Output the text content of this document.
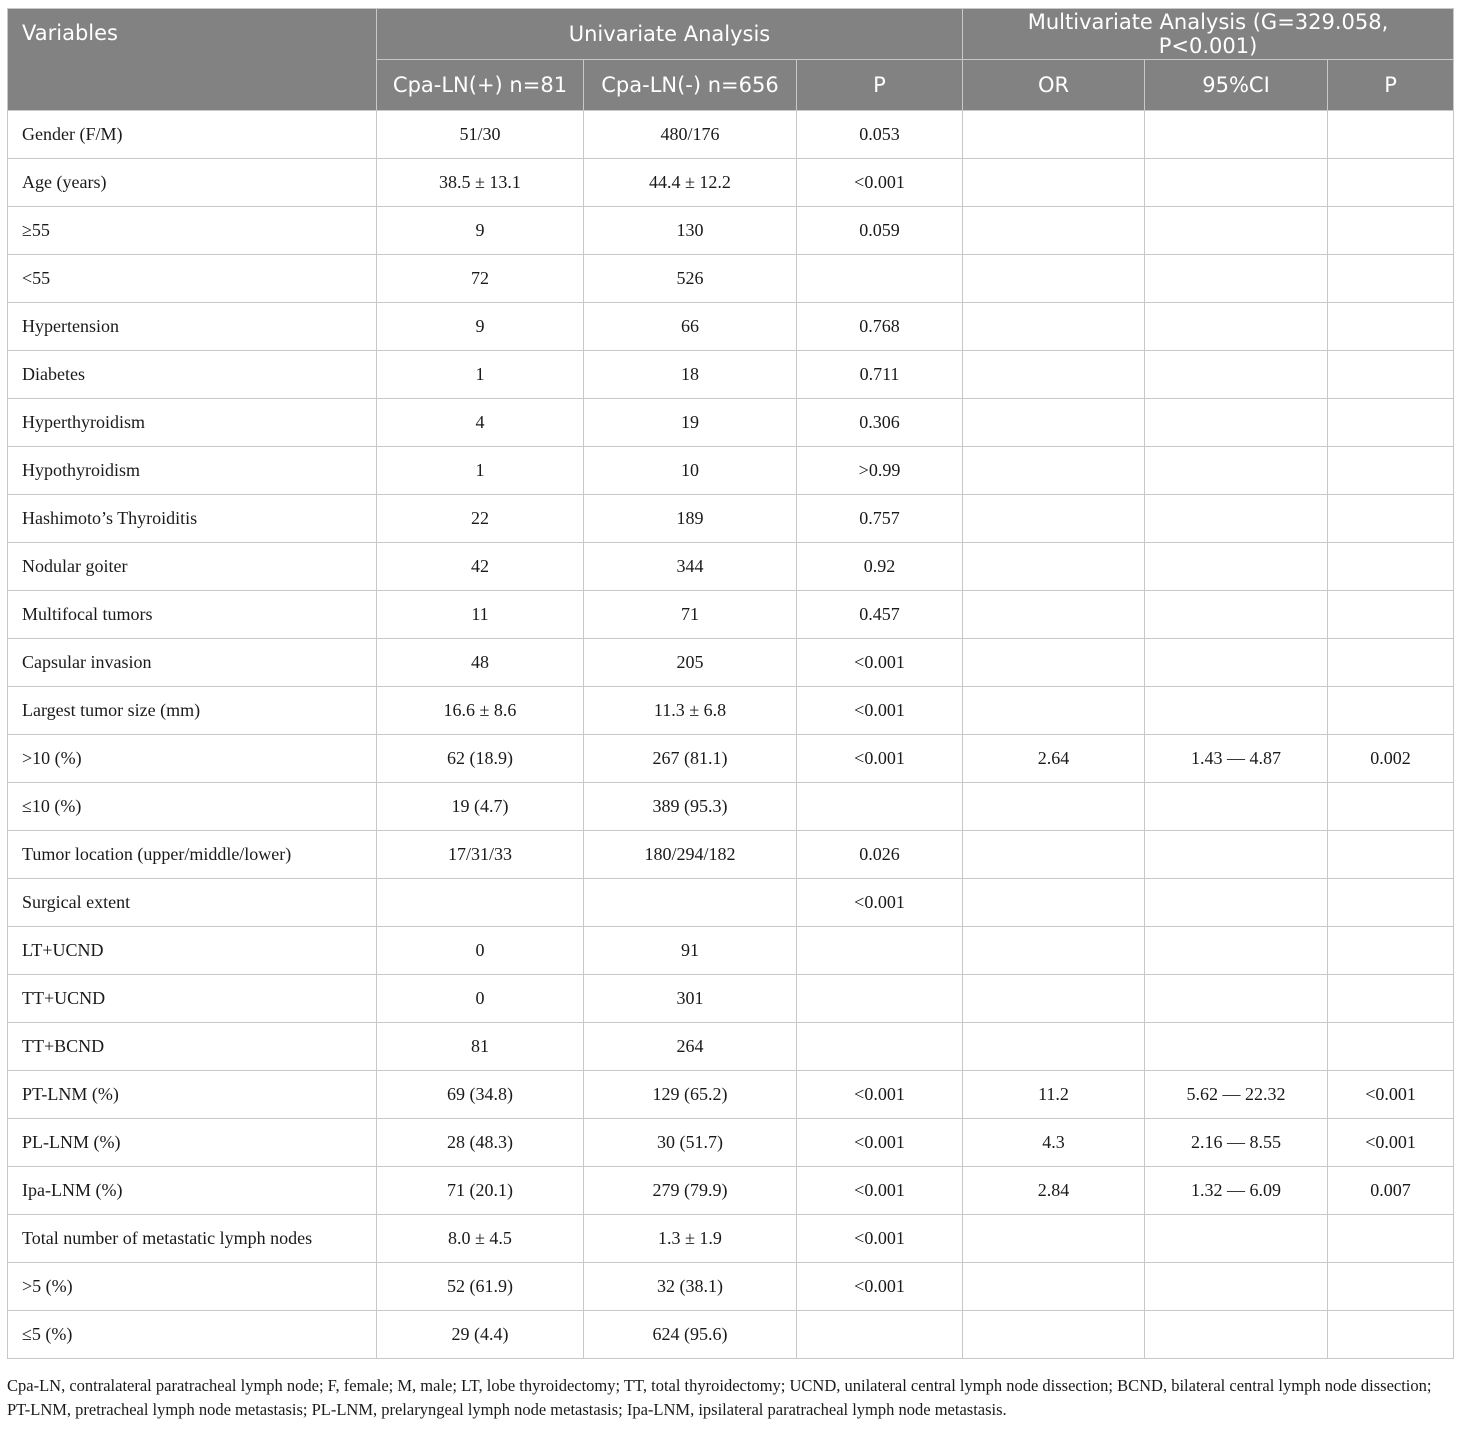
Variables	Univariate Analysis			Multivariate Analysis (G=329.058, P<0.001)		
	Cpa-LN(+) n=81	Cpa-LN(-) n=656	P	OR	95%CI	P
Gender (F/M)	51/30	480/176	0.053			
Age (years)	38.5 ± 13.1	44.4 ± 12.2	<0.001			
≥55	9	130	0.059			
<55	72	526				
Hypertension	9	66	0.768			
Diabetes	1	18	0.711			
Hyperthyroidism	4	19	0.306			
Hypothyroidism	1	10	>0.99			
Hashimoto’s Thyroiditis	22	189	0.757			
Nodular goiter	42	344	0.92			
Multifocal tumors	11	71	0.457			
Capsular invasion	48	205	<0.001			
Largest tumor size (mm)	16.6 ± 8.6	11.3 ± 6.8	<0.001			
>10 (%)	62 (18.9)	267 (81.1)	<0.001	2.64	1.43 — 4.87	0.002
≤10 (%)	19 (4.7)	389 (95.3)				
Tumor location (upper/middle/lower)	17/31/33	180/294/182	0.026			
Surgical extent			<0.001			
LT+UCND	0	91				
TT+UCND	0	301				
TT+BCND	81	264				
PT-LNM (%)	69 (34.8)	129 (65.2)	<0.001	11.2	5.62 — 22.32	<0.001
PL-LNM (%)	28 (48.3)	30 (51.7)	<0.001	4.3	2.16 — 8.55	<0.001
Ipa-LNM (%)	71 (20.1)	279 (79.9)	<0.001	2.84	1.32 — 6.09	0.007
Total number of metastatic lymph nodes	8.0 ± 4.5	1.3 ± 1.9	<0.001			
>5 (%)	52 (61.9)	32 (38.1)	<0.001			
≤5 (%)	29 (4.4)	624 (95.6)				
Cpa-LN, contralateral paratracheal lymph node; F, female; M, male; LT, lobe thyroidectomy; TT, total thyroidectomy; UCND, unilateral central lymph node dissection; BCND, bilateral central lymph node dissection; PT-LNM, pretracheal lymph node metastasis; PL-LNM, prelaryngeal lymph node metastasis; Ipa-LNM, ipsilateral paratracheal lymph node metastasis.
